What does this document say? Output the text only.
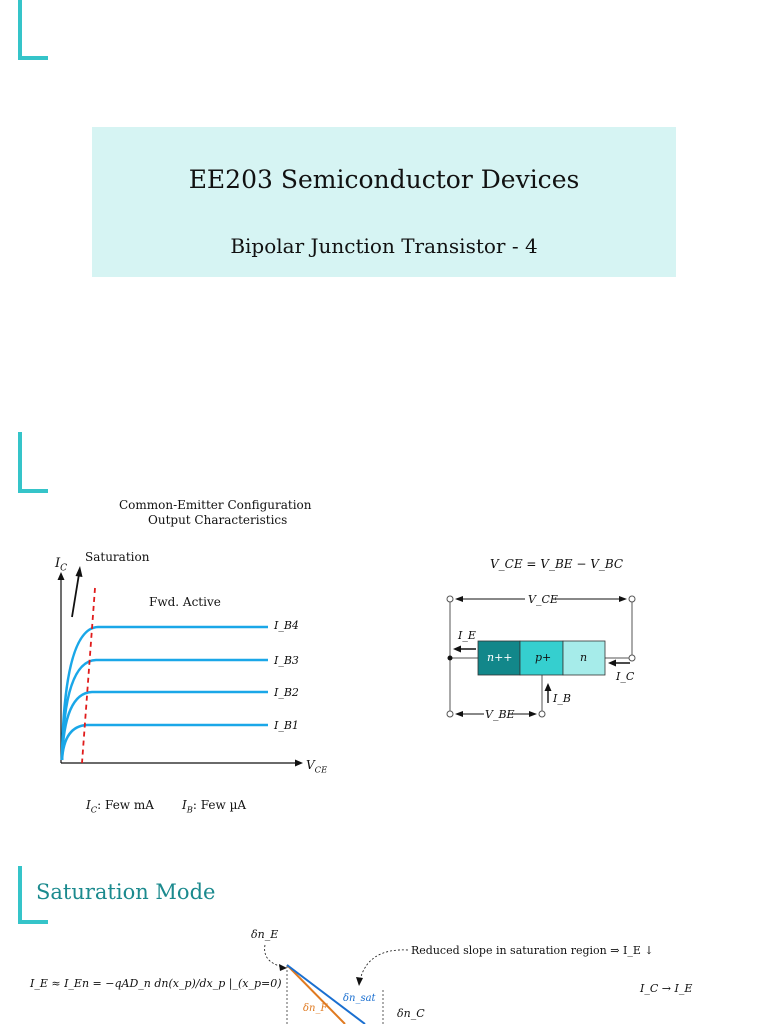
EE203 Semiconductor Devices
Bipolar Junction Transistor - 4
Common-Emitter Configuration
Output Characteristics
$I_C$
Saturation
Fwd. Active
$V_{CE}$
I_B4
I_B3
I_B2
I_B1
$I_C$: Few mA $I_B$: Few µA
V_CE = V_BE − V_BC
n++ p+	n
V_CE
I_E
I_B
I_C
V_BE
Saturation Mode
I_E ≈ I_En = −qAD_n dn(x_p)/dx_p |_(x_p=0)
δn_E
δn_F
δn_sat
δn_C
Reduced slope in saturation region ⇒ I_E ↓
I_C → I_E
